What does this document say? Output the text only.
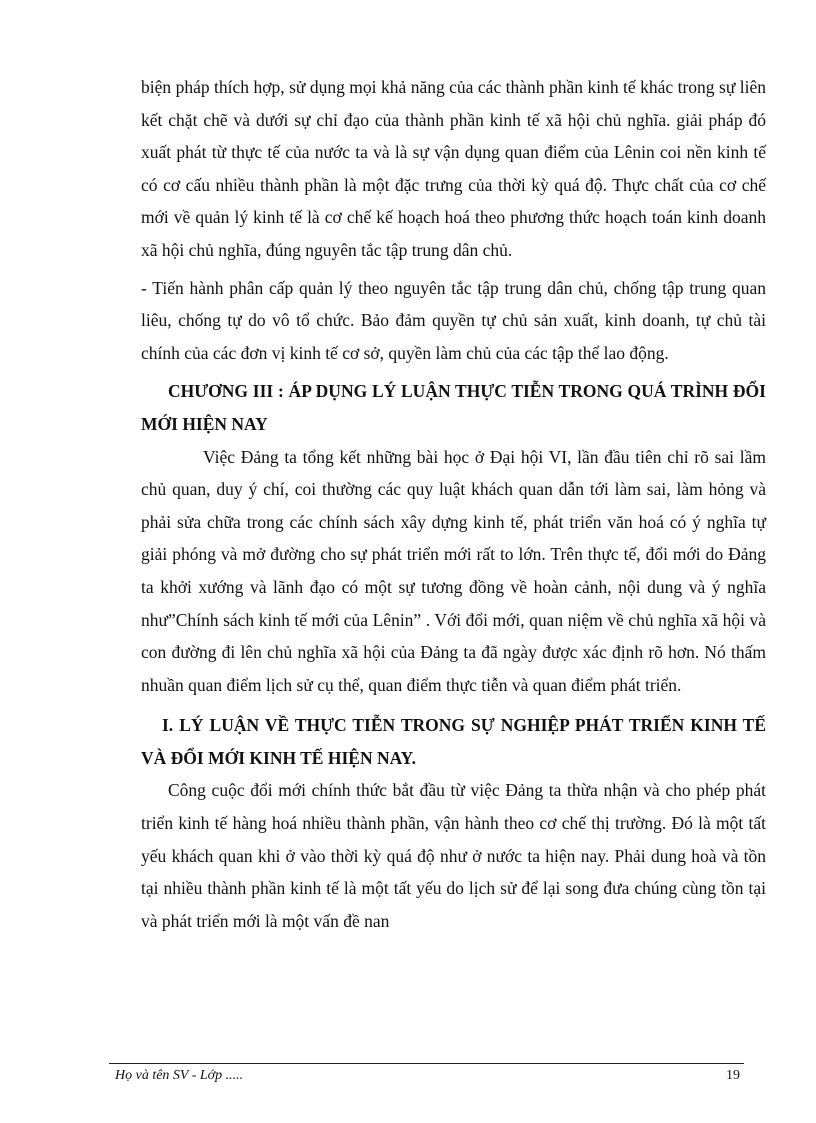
biện pháp thích hợp, sử dụng mọi khả năng của các thành phần kinh tế khác trong sự liên kết chặt chẽ và dưới sự chỉ đạo của thành phần kinh tế xã hội chủ nghĩa. giải pháp đó xuất phát từ thực tế của nước ta và là sự vận dụng quan điểm của Lênin coi nền kinh tế có cơ cấu nhiều thành phần là một đặc trưng của thời kỳ quá độ. Thực chất của cơ chế mới về quản lý kinh tế là cơ chế kế hoạch hoá theo phương thức hoạch toán kinh doanh xã hội chủ nghĩa, đúng nguyên tắc tập trung dân chủ.

- Tiến hành phân cấp quản lý theo nguyên tắc tập trung dân chủ, chống tập trung quan liêu, chống tự do vô tổ chức. Bảo đảm quyền tự chủ sản xuất, kinh doanh, tự chủ tài chính của các đơn vị kinh tế cơ sở, quyền làm chủ của các tập thể lao động.

CHƯƠNG III : ÁP DỤNG LÝ LUẬN THỰC TIỄN TRONG QUÁ TRÌNH ĐỔI MỚI HIỆN NAY

Việc Đảng ta tổng kết những bài học ở Đại hội VI, lần đầu tiên chỉ rõ sai lầm chủ quan, duy ý chí, coi thường các quy luật khách quan dẫn tới làm sai, làm hỏng và phải sửa chữa trong các chính sách xây dựng kinh tế, phát triển văn hoá có ý nghĩa tự giải phóng và mở đường cho sự phát triển mới rất to lớn. Trên thực tế, đổi mới do Đảng ta khởi xướng và lãnh đạo có một sự tương đồng về hoàn cảnh, nội dung và ý nghĩa như”Chính sách kinh tế mới của Lênin” . Với đổi mới, quan niệm về chủ nghĩa xã hội và con đường đi lên chủ nghĩa xã hội của Đảng ta đã ngày được xác định rõ hơn. Nó thấm nhuần quan điểm lịch sử cụ thể, quan điểm thực tiễn và quan điểm phát triển.

I. LÝ LUẬN VỀ THỰC TIỄN TRONG SỰ NGHIỆP PHÁT TRIỂN KINH TẾ VÀ ĐỔI MỚI KINH TẾ HIỆN NAY.

Công cuộc đổi mới chính thức bắt đầu từ việc Đảng ta thừa nhận và cho phép phát triển kinh tế hàng hoá nhiều thành phần, vận hành theo cơ chế thị trường. Đó là một tất yếu khách quan khi ở vào thời kỳ quá độ như ở nước ta hiện nay. Phải dung hoà và tồn tại nhiều thành phần kinh tế là một tất yếu do lịch sử để lại song đưa chúng cùng tồn tại và phát triển mới là một vấn đề nan

Họ và tên SV - Lớp .....	19
